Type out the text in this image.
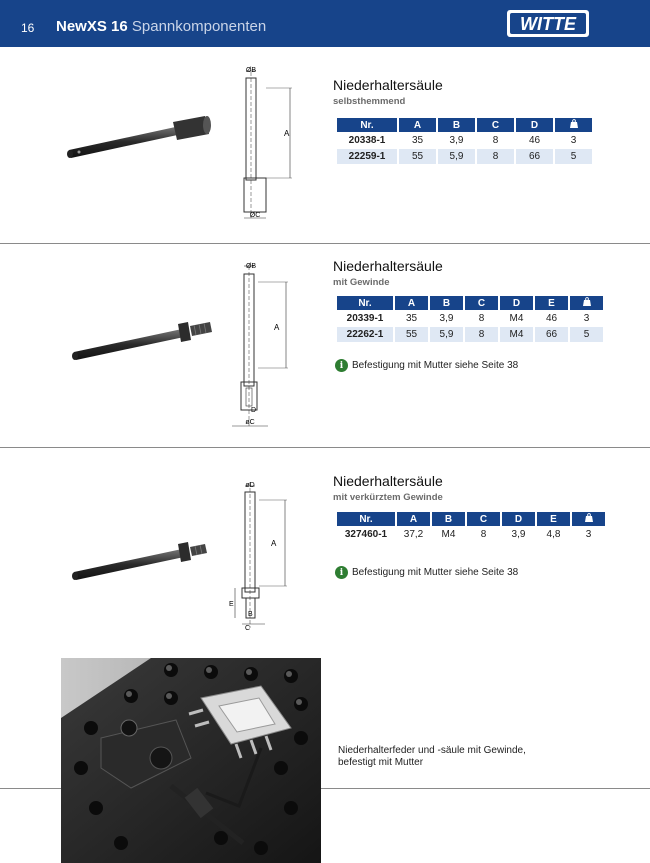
16 NewXS 16 Spannkomponenten	WITTE
ØB
A
ØC
Niederhaltersäule
selbsthemmend
Nr.	A	B	C	D	
20338-1	35	3,9	8	46	3
22259-1	55	5,9	8	66	5
ØB
A
D
øC
Niederhaltersäule
mit Gewinde
Nr.	A	B	C	D	E	
20339-1	35	3,9	8	M4	46	3
22262-1	55	5,9	8	M4	66	5
i Befestigung mit Mutter siehe Seite 38
øD
A
E
B
C
Niederhaltersäule
mit verkürztem Gewinde
Nr.	A	B	C	D	E	
327460-1	37,2	M4	8	3,9	4,8	3
i Befestigung mit Mutter siehe Seite 38
Niederhalterfeder und -säule mit Gewinde, befestigt mit Mutter
